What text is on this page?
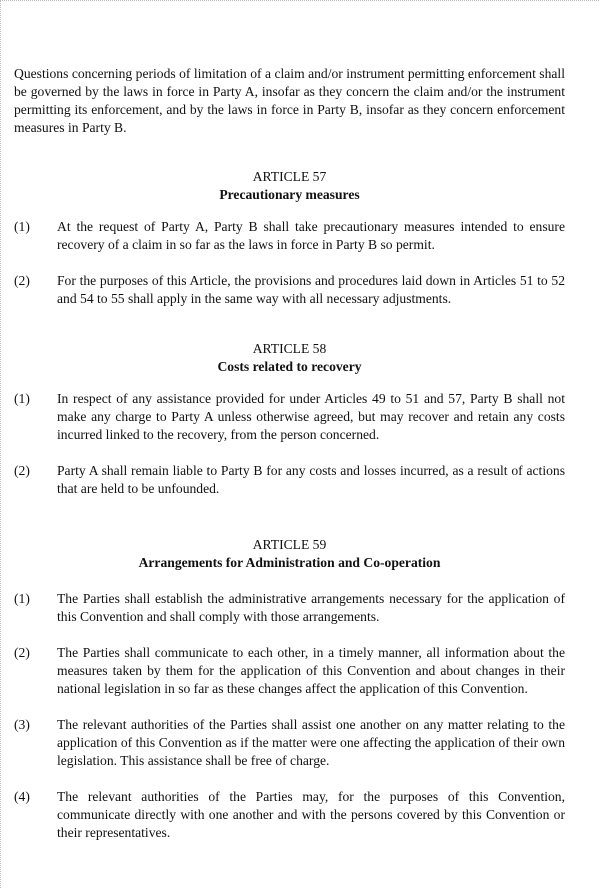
Questions concerning periods of limitation of a claim and/or instrument permitting enforcement shall be governed by the laws in force in Party A, insofar as they concern the claim and/or the instrument permitting its enforcement, and by the laws in force in Party B, insofar as they concern enforcement measures in Party B.

ARTICLE 57

Precautionary measures

(1)	At the request of Party A, Party B shall take precautionary measures intended to ensure recovery of a claim in so far as the laws in force in Party B so permit.
(2)	For the purposes of this Article, the provisions and procedures laid down in Articles 51 to 52 and 54 to 55 shall apply in the same way with all necessary adjustments.

ARTICLE 58

Costs related to recovery

(1)	In respect of any assistance provided for under Articles 49 to 51 and 57, Party B shall not make any charge to Party A unless otherwise agreed, but may recover and retain any costs incurred linked to the recovery, from the person concerned.
(2)	Party A shall remain liable to Party B for any costs and losses incurred, as a result of actions that are held to be unfounded.

ARTICLE 59

Arrangements for Administration and Co-operation

(1)	The Parties shall establish the administrative arrangements necessary for the application of this Convention and shall comply with those arrangements.
(2)	The Parties shall communicate to each other, in a timely manner, all information about the measures taken by them for the application of this Convention and about changes in their national legislation in so far as these changes affect the application of this Convention.
(3)	The relevant authorities of the Parties shall assist one another on any matter relating to the application of this Convention as if the matter were one affecting the application of their own legislation. This assistance shall be free of charge.
(4)	The relevant authorities of the Parties may, for the purposes of this Convention, communicate directly with one another and with the persons covered by this Convention or their representatives.
